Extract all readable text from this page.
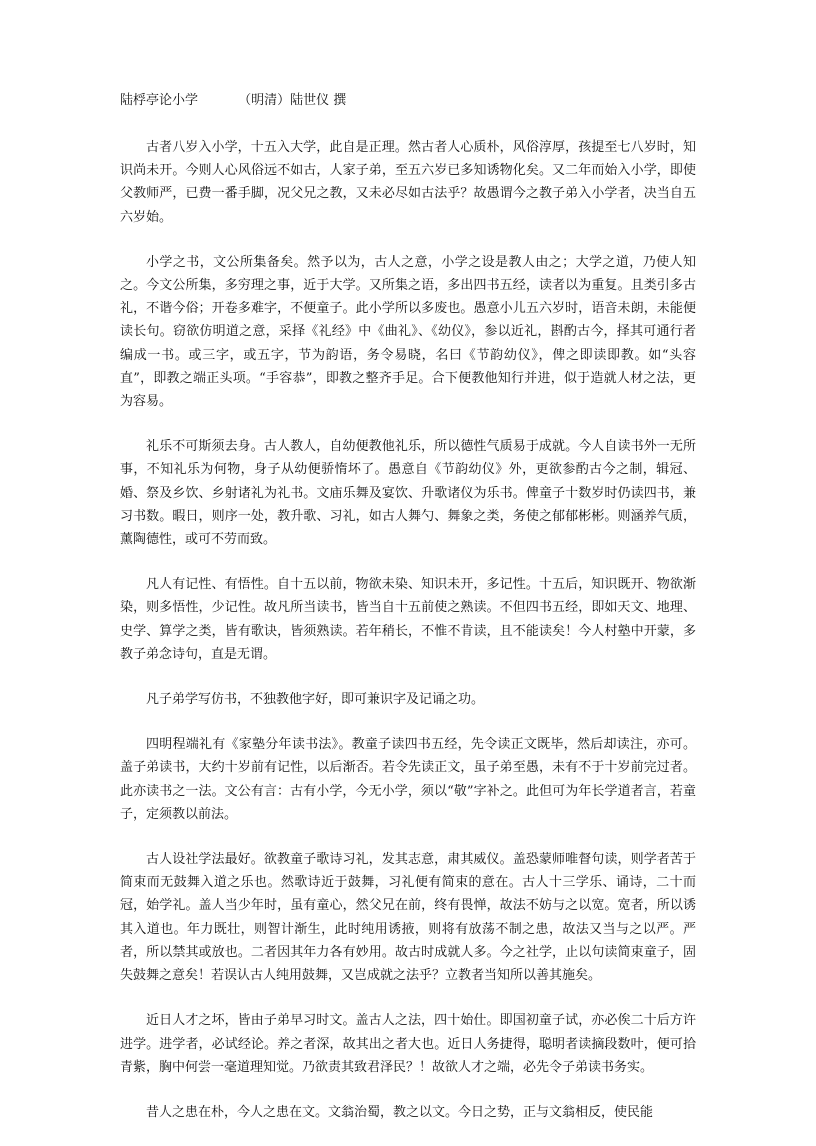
陆桴亭论小学	（明清）陆世仪 撰

古者八岁入小学，十五入大学，此自是正理。然古者人心质朴，风俗淳厚，孩提至七八岁时，知识尚未开。今则人心风俗远不如古，人家子弟，至五六岁已多知诱物化矣。又二年而始入小学，即使父教师严，已费一番手脚，况父兄之教，又未必尽如古法乎？故愚谓今之教子弟入小学者，决当自五六岁始。

小学之书，文公所集备矣。然予以为，古人之意，小学之设是教人由之；大学之道，乃使人知之。今文公所集，多穷理之事，近于大学。又所集之语，多出四书五经，读者以为重复。且类引多古礼，不谐今俗；开卷多难字，不便童子。此小学所以多废也。愚意小儿五六岁时，语音未朗，未能便读长句。窃欲仿明道之意，采择《礼经》中《曲礼》、《幼仪》，参以近礼，斟酌古今，择其可通行者编成一书。或三字，或五字，节为韵语，务令易晓，名曰《节韵幼仪》，俾之即读即教。如“头容直”，即教之端正头项。“手容恭”，即教之整齐手足。合下便教他知行并进，似于造就人材之法，更为容易。

礼乐不可斯须去身。古人教人，自幼便教他礼乐，所以德性气质易于成就。今人自读书外一无所事，不知礼乐为何物，身子从幼便骄惰坏了。愚意自《节韵幼仪》外，更欲参酌古今之制，辑冠、婚、祭及乡饮、乡射诸礼为礼书。文庙乐舞及宴饮、升歌诸仪为乐书。俾童子十数岁时仍读四书，兼习书数。暇日，则序一处，教升歌、习礼，如古人舞勺、舞象之类，务使之郁郁彬彬。则涵养气质，薰陶德性，或可不劳而致。

凡人有记性、有悟性。自十五以前，物欲未染、知识未开，多记性。十五后，知识既开、物欲渐染，则多悟性，少记性。故凡所当读书，皆当自十五前使之熟读。不但四书五经，即如天文、地理、史学、算学之类，皆有歌诀，皆须熟读。若年稍长，不惟不肯读，且不能读矣！今人村塾中开蒙，多教子弟念诗句，直是无谓。

凡子弟学写仿书，不独教他字好，即可兼识字及记诵之功。

四明程端礼有《家塾分年读书法》。教童子读四书五经，先令读正文既毕，然后却读注，亦可。盖子弟读书，大约十岁前有记性，以后渐否。若令先读正文，虽子弟至愚，未有不于十岁前完过者。此亦读书之一法。文公有言：古有小学，今无小学，须以“敬”字补之。此但可为年长学道者言，若童子，定须教以前法。

古人设社学法最好。欲教童子歌诗习礼，发其志意，肃其威仪。盖恐蒙师唯督句读，则学者苦于简束而无鼓舞入道之乐也。然歌诗近于鼓舞，习礼便有简束的意在。古人十三学乐、诵诗，二十而冠，始学礼。盖人当少年时，虽有童心，然父兄在前，终有畏惮，故法不妨与之以宽。宽者，所以诱其入道也。年力既壮，则智计渐生，此时纯用诱掖，则将有放荡不制之患，故法又当与之以严。严者，所以禁其或放也。二者因其年力各有妙用。故古时成就人多。今之社学，止以句读简束童子，固失鼓舞之意矣！若误认古人纯用鼓舞，又岂成就之法乎？立教者当知所以善其施矣。

近日人才之坏，皆由子弟早习时文。盖古人之法，四十始仕。即国初童子试，亦必俟二十后方许进学。进学者，必试经论。养之者深，故其出之者大也。近日人务捷得，聪明者读摘段数叶，便可拾青紫，胸中何尝一毫道理知觉。乃欲责其致君泽民？！故欲人才之端，必先令子弟读书务实。

昔人之患在朴，今人之患在文。文翁治蜀，教之以文。今日之势，正与文翁相反，使民能
